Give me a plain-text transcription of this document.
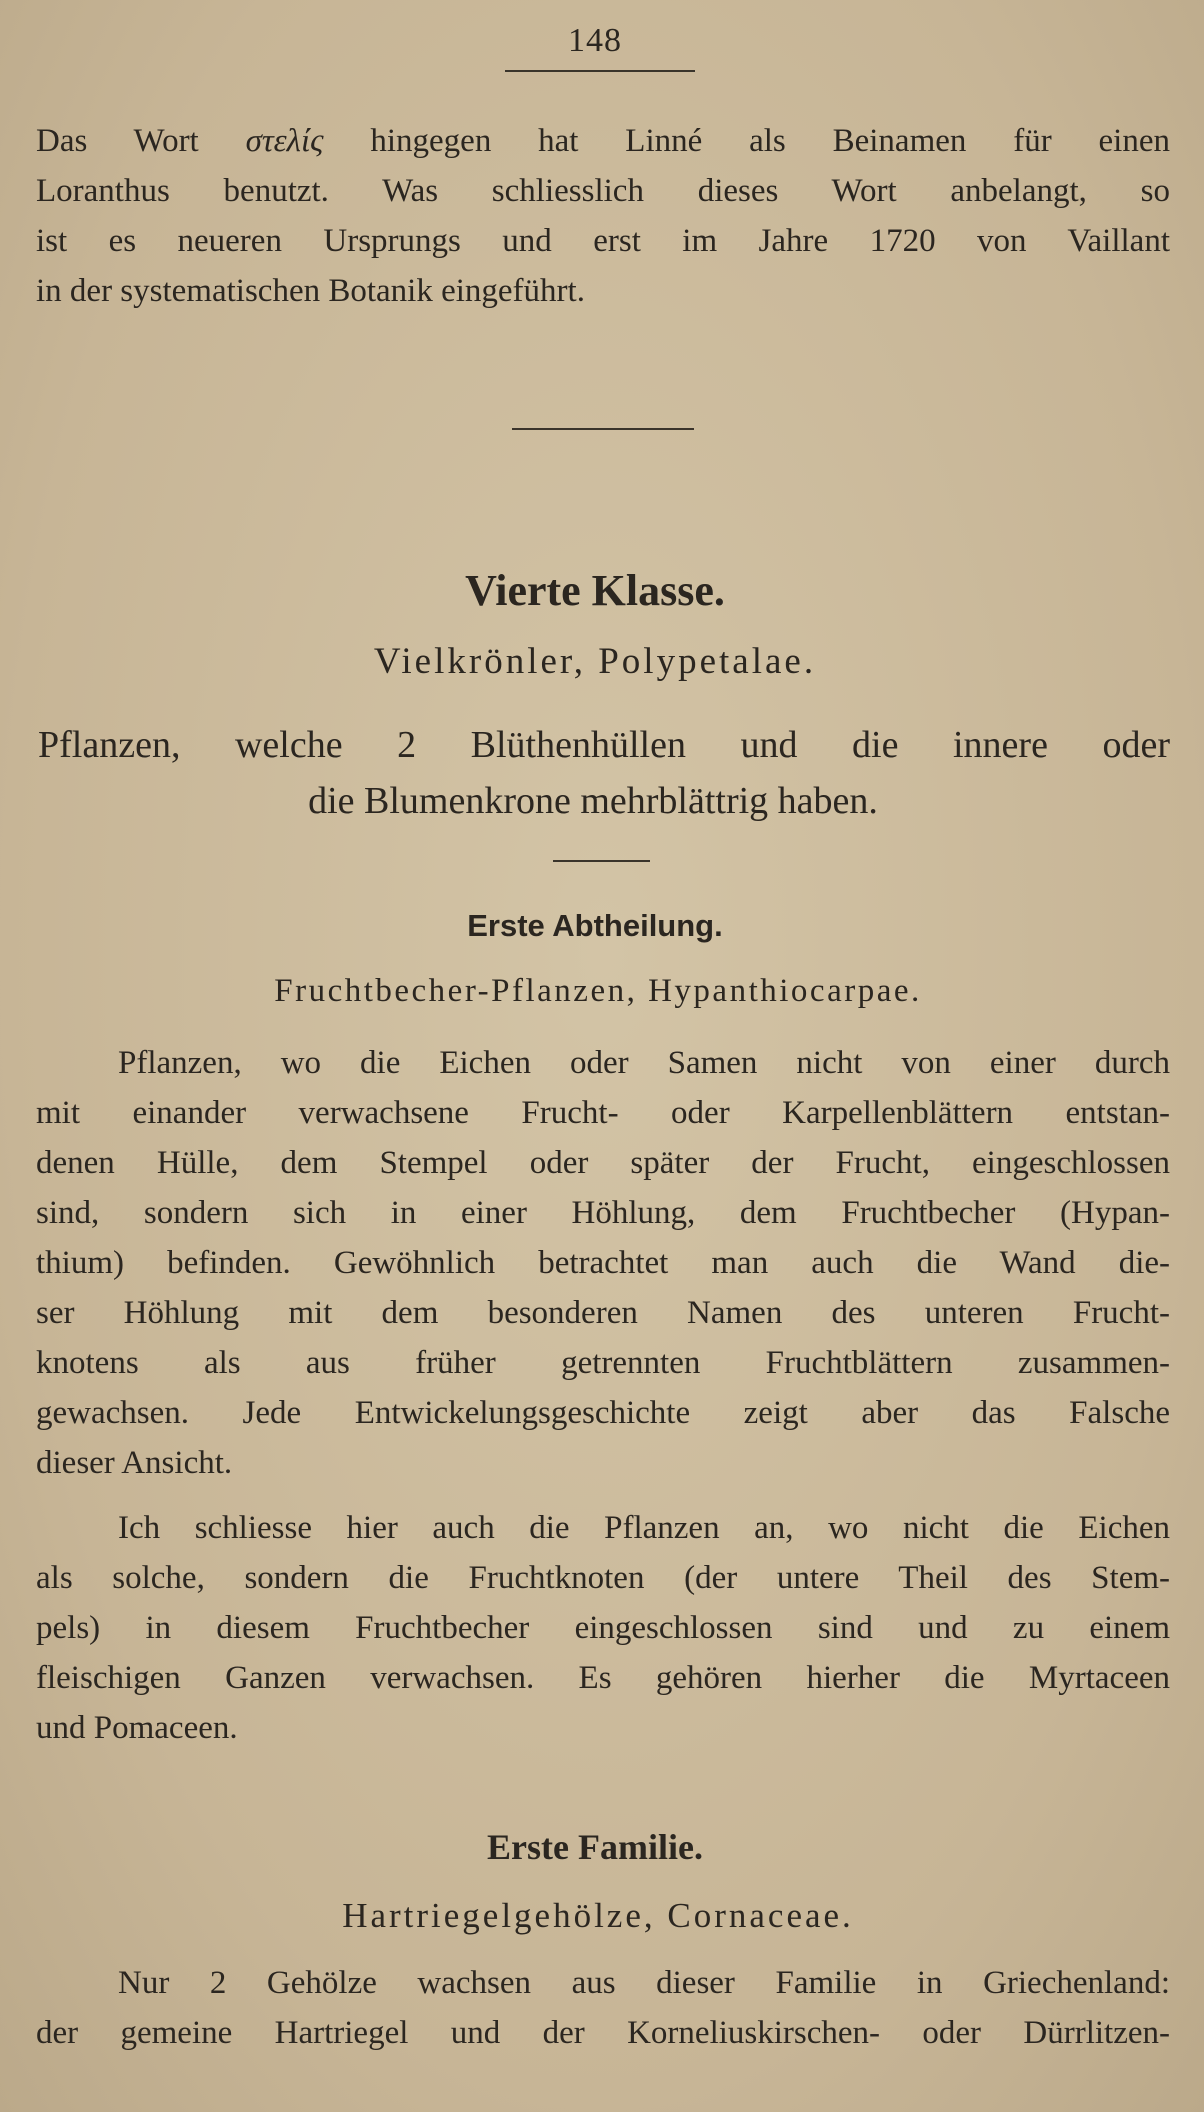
148
Das Wort στελίς hingegen hat Linné als Beinamen für einen
Loranthus benutzt. Was schliesslich dieses Wort anbelangt, so
ist es neueren Ursprungs und erst im Jahre 1720 von Vaillant
in der systematischen Botanik eingeführt.
Vierte Klasse.
Vielkrönler, Polypetalae.
Pflanzen, welche 2 Blüthenhüllen und die innere oder
die Blumenkrone mehrblättrig haben.
Erste Abtheilung.
Fruchtbecher-Pflanzen, Hypanthiocarpae.
Pflanzen, wo die Eichen oder Samen nicht von einer durch
mit einander verwachsene Frucht- oder Karpellenblättern entstan-
denen Hülle, dem Stempel oder später der Frucht, eingeschlossen
sind, sondern sich in einer Höhlung, dem Fruchtbecher (Hypan-
thium) befinden. Gewöhnlich betrachtet man auch die Wand die-
ser Höhlung mit dem besonderen Namen des unteren Frucht-
knotens als aus früher getrennten Fruchtblättern zusammen-
gewachsen. Jede Entwickelungsgeschichte zeigt aber das Falsche
dieser Ansicht.
Ich schliesse hier auch die Pflanzen an, wo nicht die Eichen
als solche, sondern die Fruchtknoten (der untere Theil des Stem-
pels) in diesem Fruchtbecher eingeschlossen sind und zu einem
fleischigen Ganzen verwachsen. Es gehören hierher die Myrtaceen
und Pomaceen.
Erste Familie.
Hartriegelgehölze, Cornaceae.
Nur 2 Gehölze wachsen aus dieser Familie in Griechenland:
der gemeine Hartriegel und der Korneliuskirschen- oder Dürrlitzen-
